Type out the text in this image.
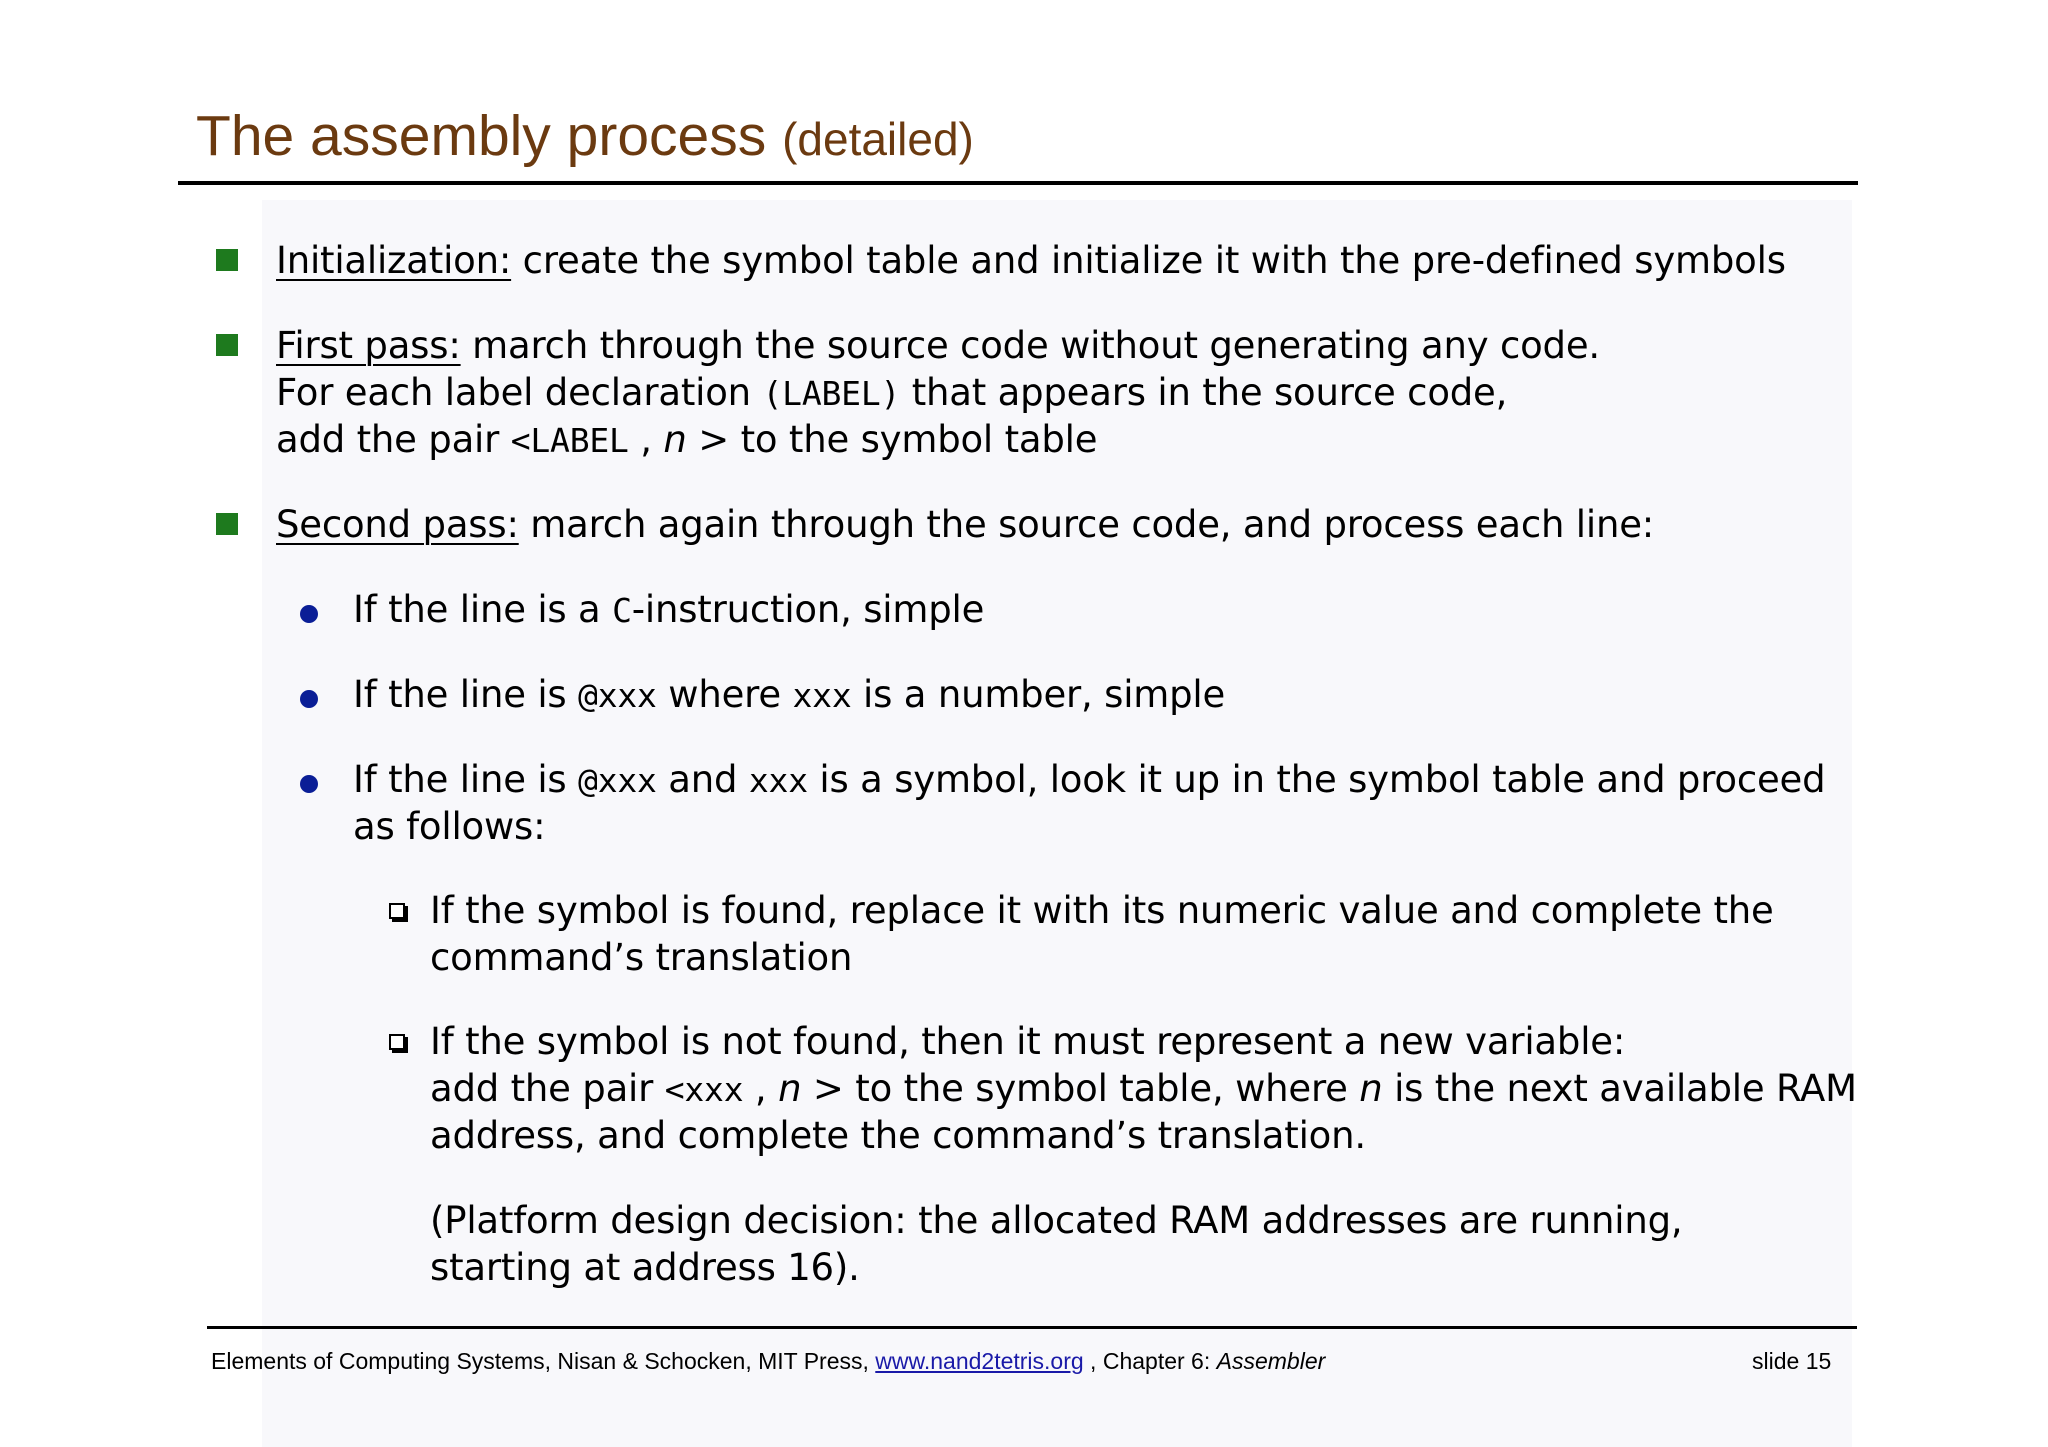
The assembly process (detailed)
Initialization: create the symbol table and initialize it with the pre-defined symbols
First pass: march through the source code without generating any code.
For each label declaration (LABEL) that appears in the source code,
add the pair <LABEL , n > to the symbol table
Second pass: march again through the source code, and process each line:
If the line is a C-instruction, simple
If the line is @xxx where xxx is a number, simple
If the line is @xxx and xxx is a symbol, look it up in the symbol table and proceed
as follows:
If the symbol is found, replace it with its numeric value and complete the
command’s translation
If the symbol is not found, then it must represent a new variable:
add the pair <xxx , n > to the symbol table, where n is the next available RAM
address, and complete the command’s translation.
(Platform design decision: the allocated RAM addresses are running,
starting at address 16).
Elements of Computing Systems, Nisan & Schocken, MIT Press, www.nand2tetris.org , Chapter 6: Assembler	slide 15
